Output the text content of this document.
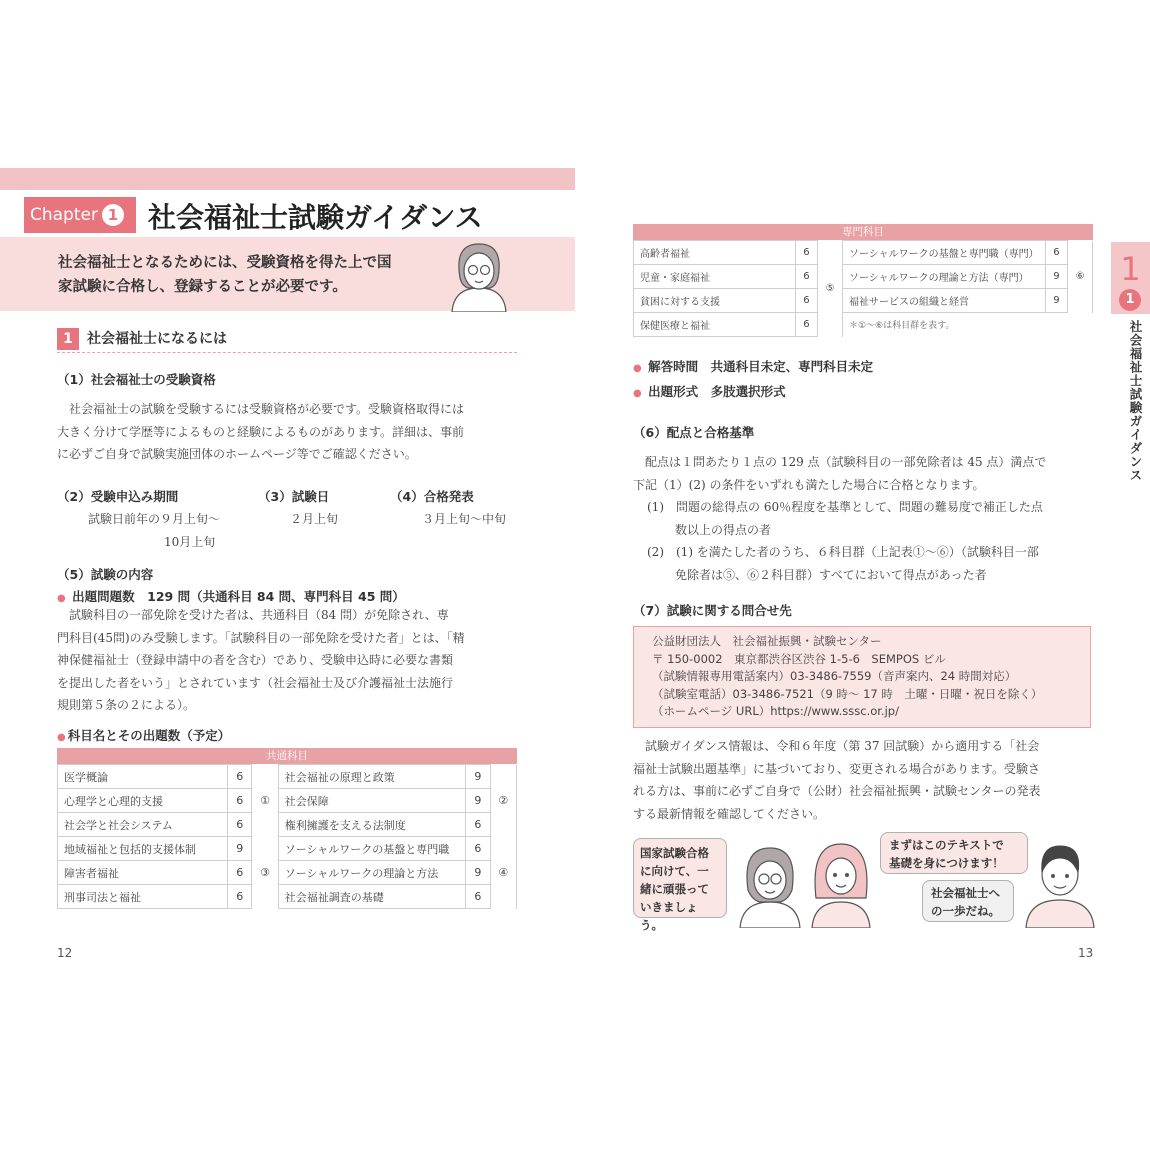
Chapter 1	社会福祉士試験ガイダンス
社会福祉士となるためには、受験資格を得た上で国
家試験に合格し、登録することが必要です。
1 社会福祉士になるには
（1）社会福祉士の受験資格
社会福祉士の試験を受験するには受験資格が必要です。受験資格取得には
大きく分けて学歴等によるものと経験によるものがあります。詳細は、事前
に必ずご自身で試験実施団体のホームページ等でご確認ください。
（2）受験申込み期間
試験日前年の９月上旬〜
10月上旬
（3）試験日
２月上旬
（4）合格発表
３月上旬〜中旬
（5）試験の内容
● 出題問題数　 129 問（共通科目 84 問、専門科目 45 問）
試験科目の一部免除を受けた者は、共通科目（84 問）が免除され、専
門科目(45問)のみ受験します。「試験科目の一部免除を受けた者」とは、「精
神保健福祉士（登録申請中の者を含む）であり、受験申込時に必要な書類
を提出した者をいう」とされています（社会福祉士及び介護福祉士法施行
規則第５条の２による）。
● 科目名とその出題数（予定）
共通科目
医学概論	6	①	社会福祉の原理と政策	9	②
心理学と心理的支援	6		社会保障	9	
社会学と社会システム	6		権利擁護を支える法制度	6	
地域福祉と包括的支援体制	9	③	ソーシャルワークの基盤と専門職	6	④
障害者福祉	6		ソーシャルワークの理論と方法	9	
刑事司法と福祉	6		社会福祉調査の基礎	6	
12
専門科目
高齢者福祉	6	⑤	ソーシャルワークの基盤と専門職（専門）	6	⑥
児童・家庭福祉	6		ソーシャルワークの理論と方法（専門）	9	
貧困に対する支援	6		福祉サービスの組織と経営	9	
保健医療と福祉	6		＊①〜⑥は科目群を表す。		
● 解答時間　 共通科目未定、専門科目未定
● 出題形式　 多肢選択形式
（6）配点と合格基準
配点は１問あたり１点の 129 点（試験科目の一部免除者は 45 点）満点で
下記（1）(2) の条件をいずれも満たした場合に合格となります。
(1)　問題の総得点の 60％程度を基準として、問題の難易度で補正した点
数以上の得点の者
(2)　(1) を満たした者のうち、６科目群（上記表①〜⑥）（試験科目一部
免除者は⑤、⑥２科目群）すべてにおいて得点があった者
（7）試験に関する問合せ先
公益財団法人　社会福祉振興・試験センター
〒 150-0002　東京都渋谷区渋谷 1-5-6　SEMPOS ビル
（試験情報専用電話案内）03-3486-7559（音声案内、24 時間対応）
（試験室電話）03-3486-7521（9 時〜 17 時　土曜・日曜・祝日を除く）
（ホームページ URL）https://www.sssc.or.jp/
試験ガイダンス情報は、令和６年度（第 37 回試験）から適用する「社会
福祉士試験出題基準」に基づいており、変更される場合があります。受験さ
れる方は、事前に必ずご自身で（公財）社会福祉振興・試験センターの発表
する最新情報を確認してください。
国家試験合格
に向けて、一
緒に頑張って
いきましょう。
まずはこのテキストで
基礎を身につけます！
社会福祉士へ
の一歩だね。
13
1
1
社会福祉士試験ガイダンス
